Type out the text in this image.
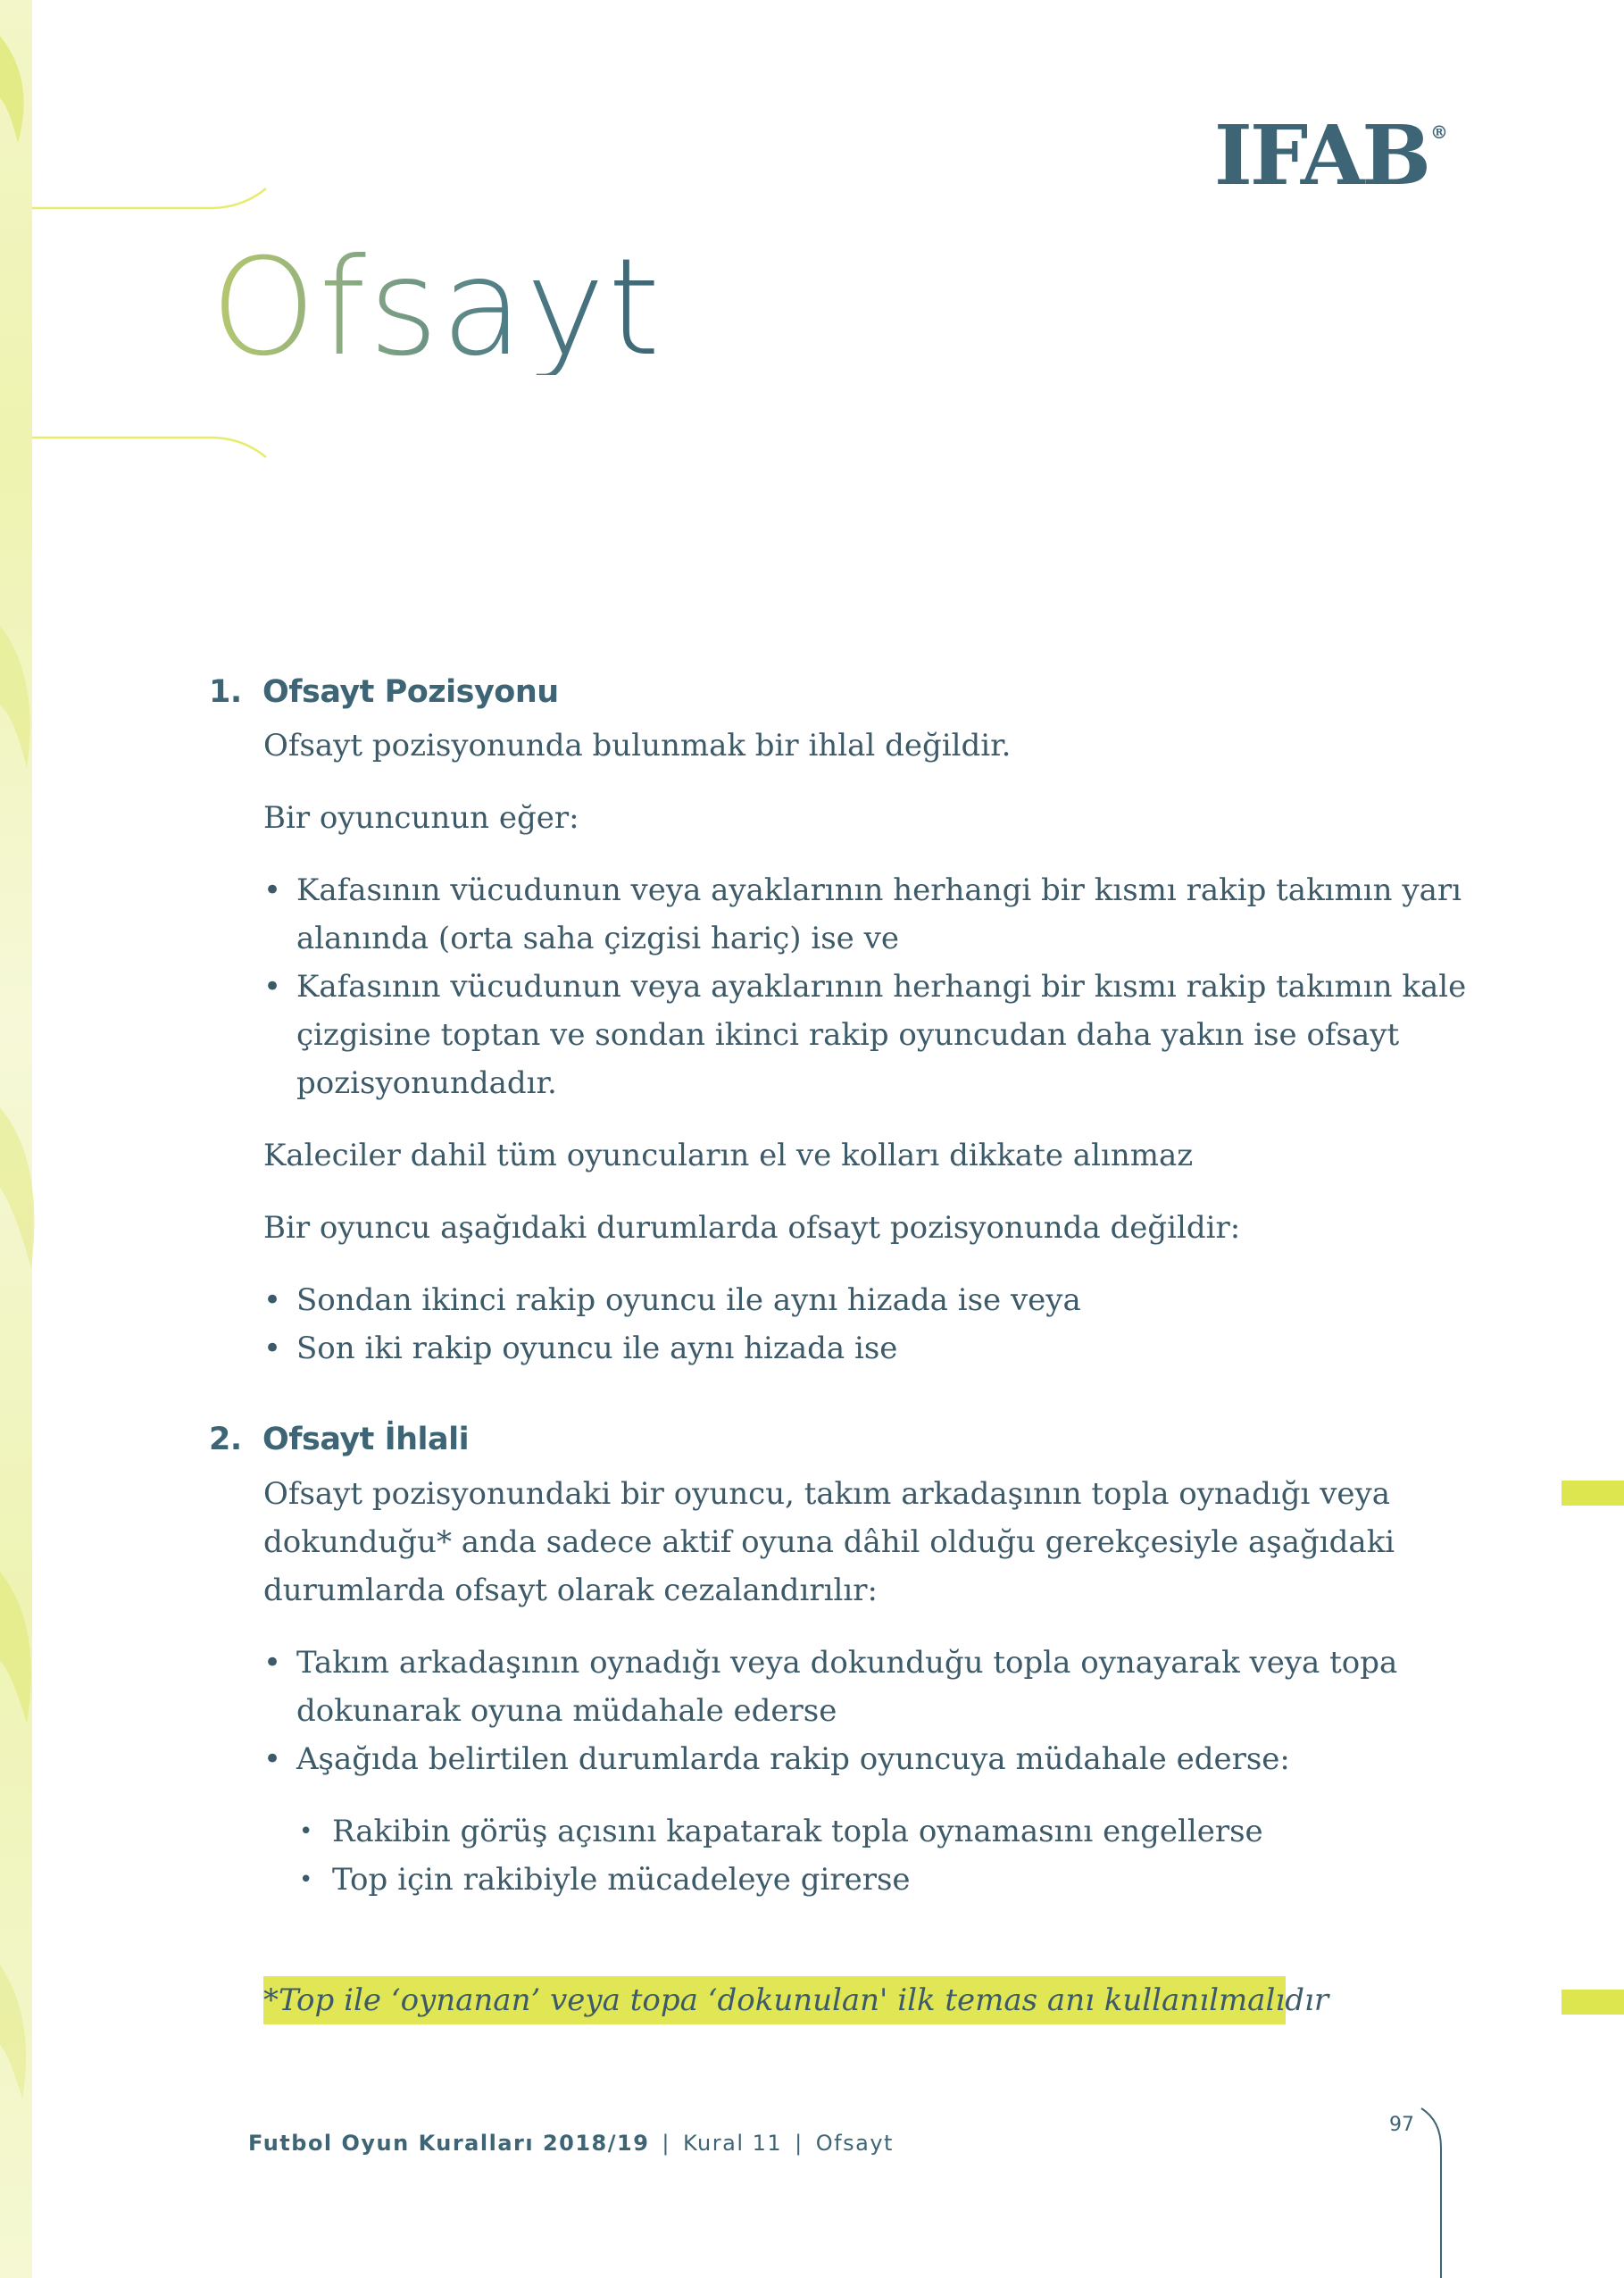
IFAB ®
Ofsayt
1. Ofsayt Pozisyonu

Ofsayt pozisyonunda bulunmak bir ihlal değildir.

Bir oyuncunun eğer:

• Kafasının vücudunun veya ayaklarının herhangi bir kısmı rakip takımın yarı
alanında (orta saha çizgisi hariç) ise ve
• Kafasının vücudunun veya ayaklarının herhangi bir kısmı rakip takımın kale
çizgisine toptan ve sondan ikinci rakip oyuncudan daha yakın ise ofsayt
pozisyonundadır.

Kaleciler dahil tüm oyuncuların el ve kolları dikkate alınmaz

Bir oyuncu aşağıdaki durumlarda ofsayt pozisyonunda değildir:

• Sondan ikinci rakip oyuncu ile aynı hizada ise veya
• Son iki rakip oyuncu ile aynı hizada ise
2. Ofsayt İhlali

Ofsayt pozisyonundaki bir oyuncu, takım arkadaşının topla oynadığı veya

dokunduğu* anda sadece aktif oyuna dâhil olduğu gerekçesiyle aşağıdaki

durumlarda ofsayt olarak cezalandırılır:

• Takım arkadaşının oynadığı veya dokunduğu topla oynayarak veya topa
dokunarak oyuna müdahale ederse
• Aşağıda belirtilen durumlarda rakip oyuncuya müdahale ederse:
• Rakibin görüş açısını kapatarak topla oynamasını engellerse
• Top için rakibiyle mücadeleye girerse
*Top ile ‘oynanan’ veya topa ‘dokunulan' ilk temas anı kullanılmalıdır
Futbol Oyun Kuralları 2018/19 | Kural 11 | Ofsayt
97
